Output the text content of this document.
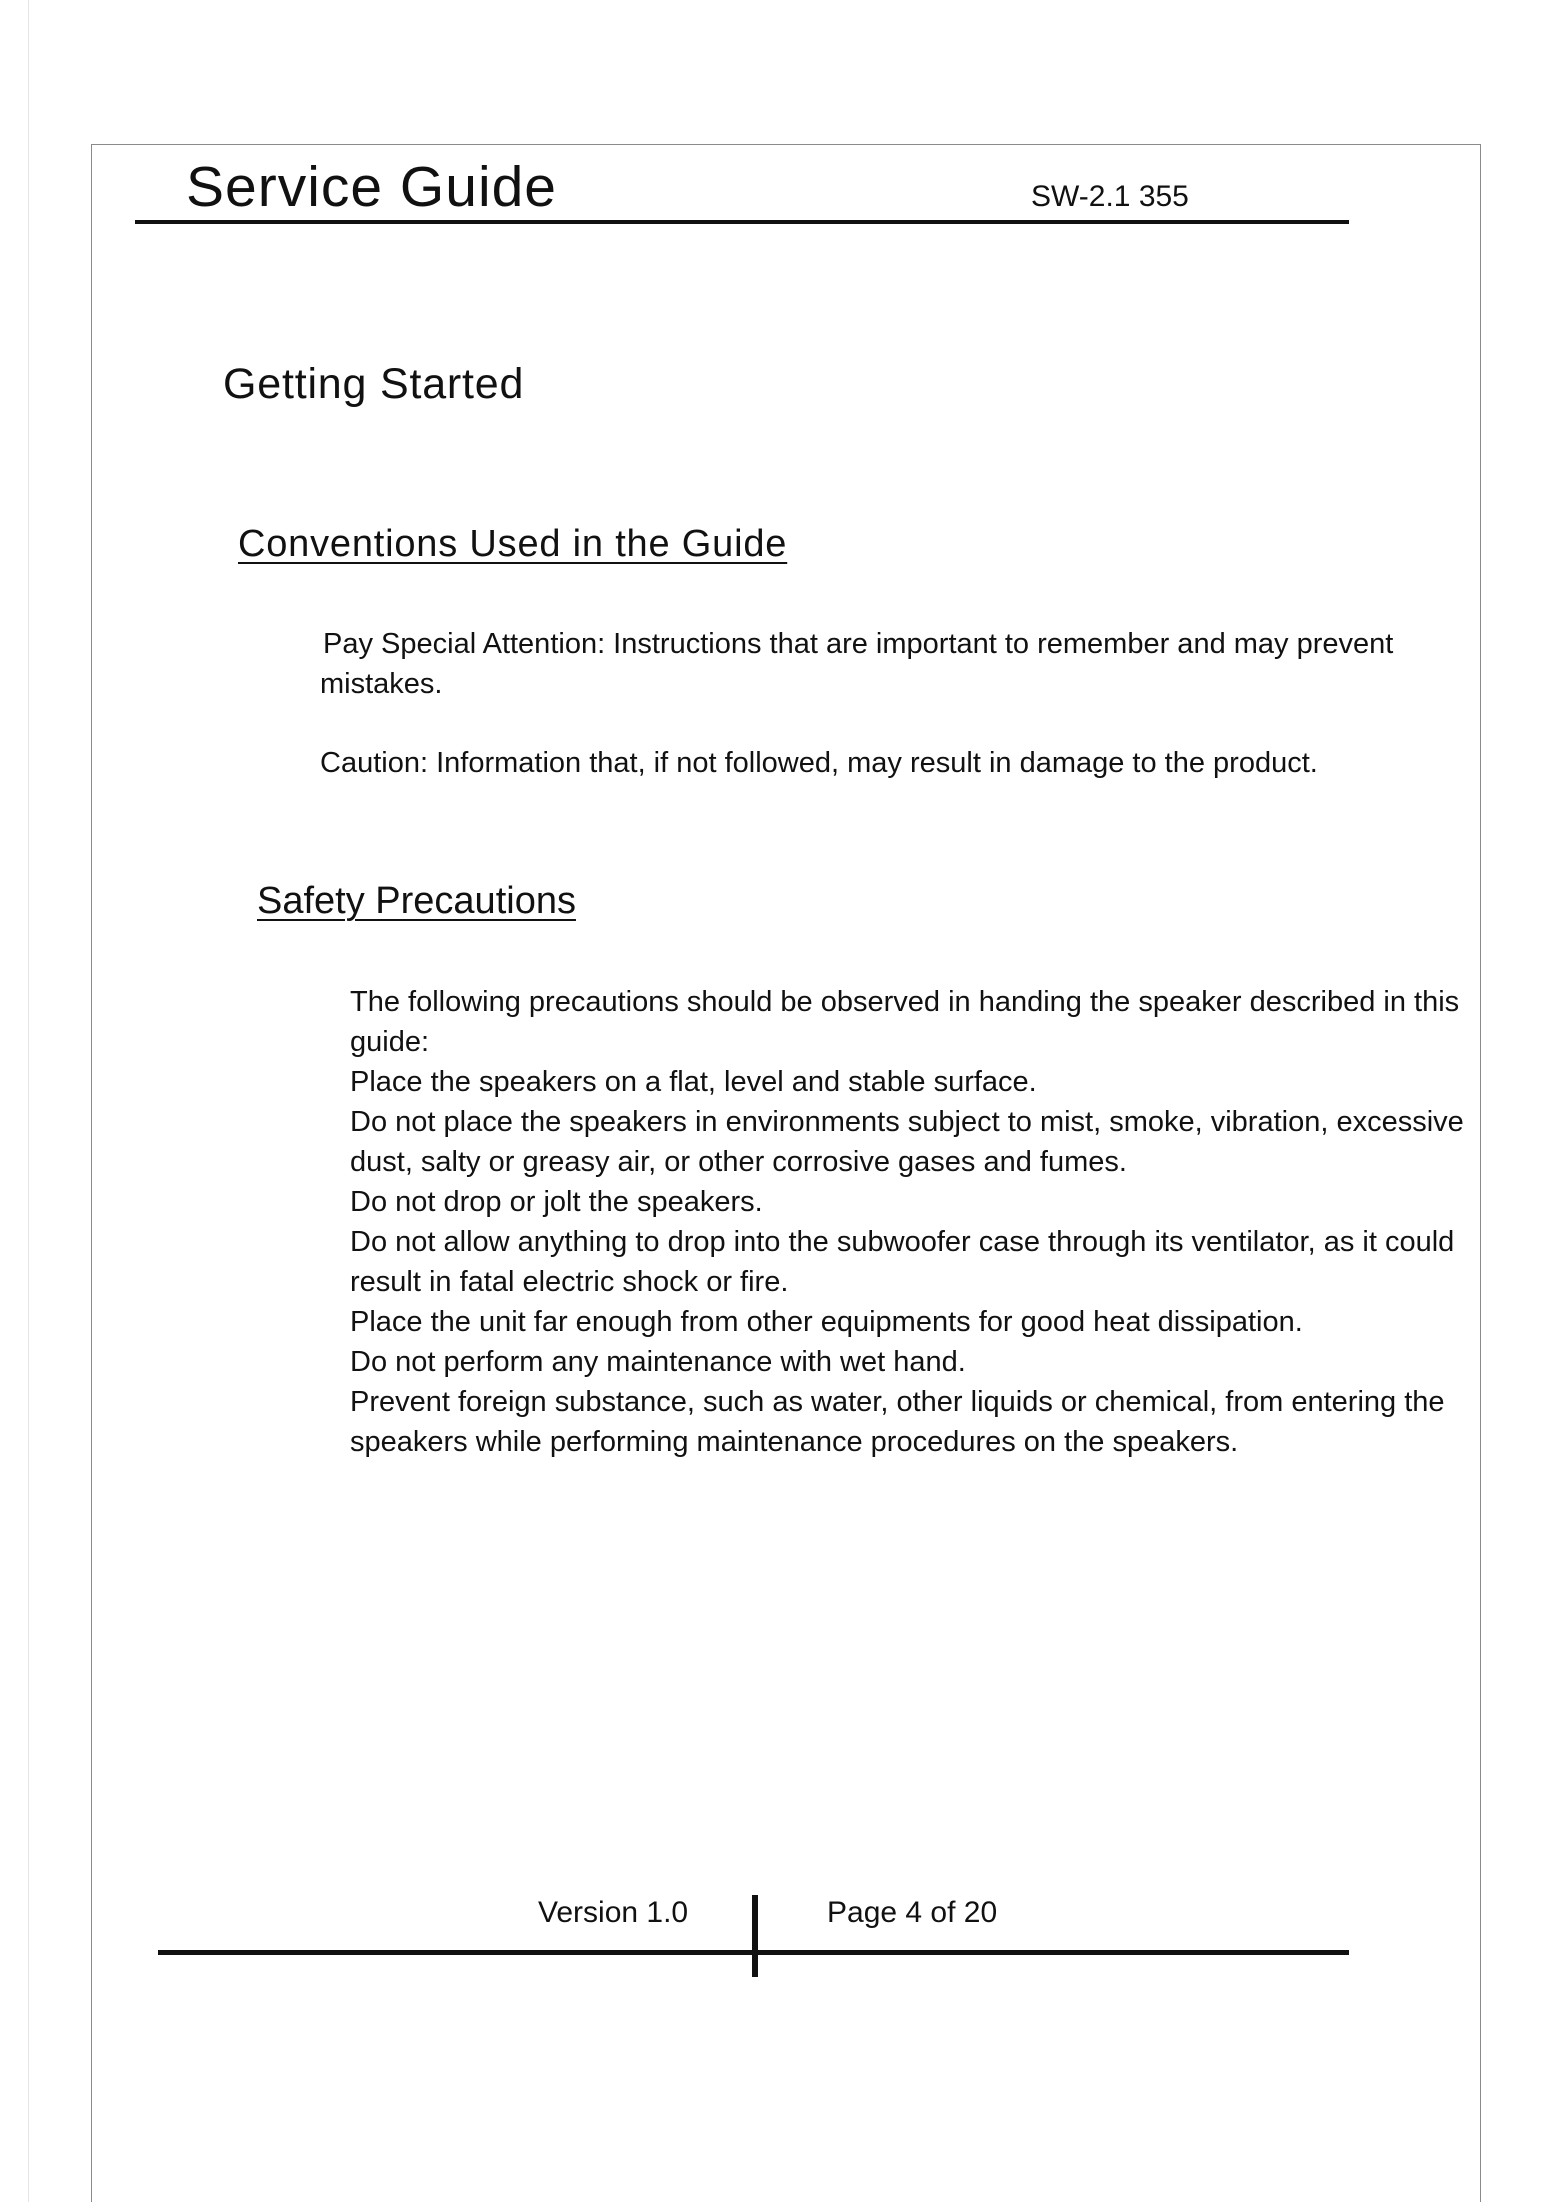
Service Guide	SW-2.1 355
Getting Started
Conventions Used in the Guide

Pay Special Attention: Instructions that are important to remember and may prevent mistakes.

Caution: Information that, if not followed, may result in damage to the product.

Safety Precautions

The following precautions should be observed in handing the speaker described in this guide:

Place the speakers on a flat, level and stable surface.

Do not place the speakers in environments subject to mist, smoke, vibration, excessive dust, salty or greasy air, or other corrosive gases and fumes.

Do not drop or jolt the speakers.

Do not allow anything to drop into the subwoofer case through its ventilator, as it could result in fatal electric shock or fire.

Place the unit far enough from other equipments for good heat dissipation.

Do not perform any maintenance with wet hand.

Prevent foreign substance, such as water, other liquids or chemical, from entering the speakers while performing maintenance procedures on the speakers.

Version 1.0	Page 4 of 20
